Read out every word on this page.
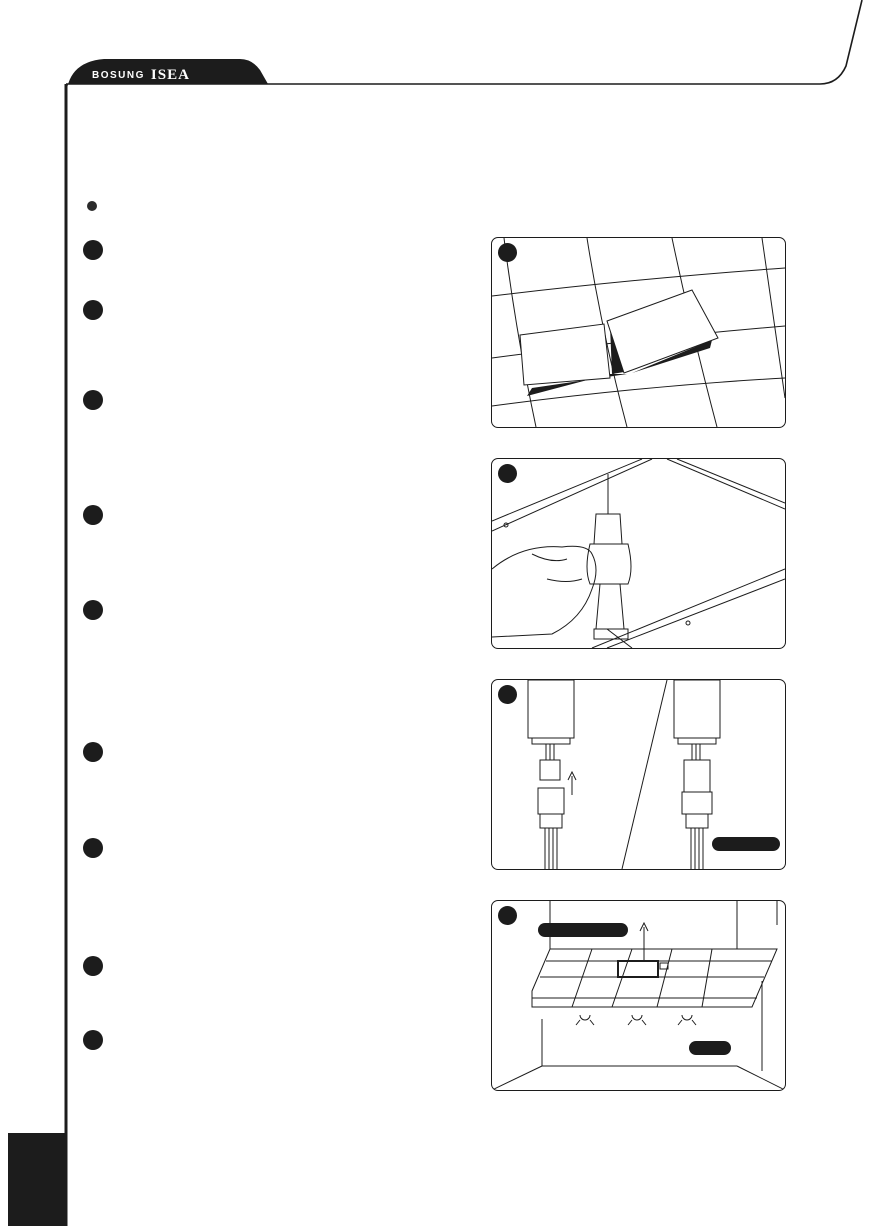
BOSUNG ISEA
